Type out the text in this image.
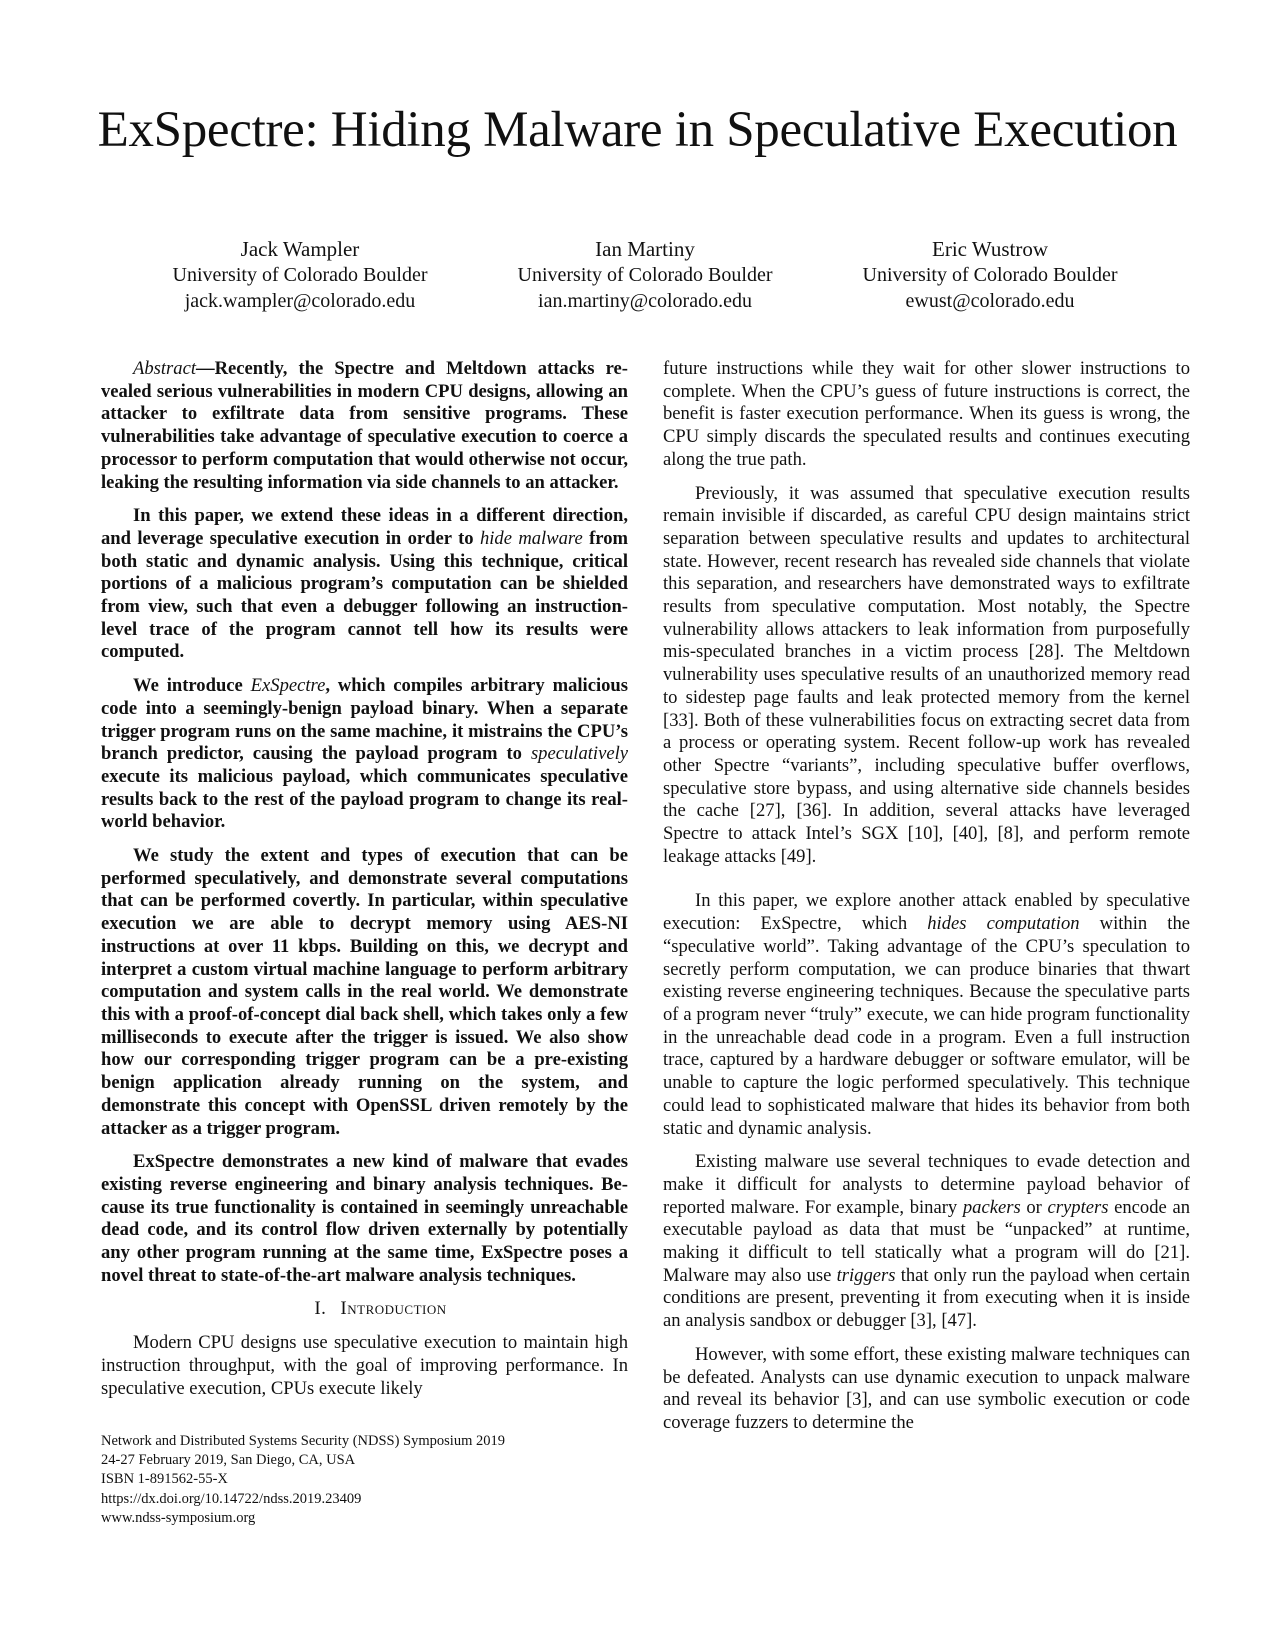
ExSpectre: Hiding Malware in Speculative Execution
Jack Wampler
University of Colorado Boulder
jack.wampler@colorado.edu
Ian Martiny
University of Colorado Boulder
ian.martiny@colorado.edu
Eric Wustrow
University of Colorado Boulder
ewust@colorado.edu

Abstract—Recently, the Spectre and Meltdown attacks revealed serious vulnerabilities in modern CPU designs, allowing an attacker to exfiltrate data from sensitive programs. These vulnerabilities take advantage of speculative execution to coerce a processor to perform computation that would otherwise not occur, leaking the resulting information via side channels to an attacker.

In this paper, we extend these ideas in a different direction, and leverage speculative execution in order to hide malware from both static and dynamic analysis. Using this technique, critical portions of a malicious program’s computation can be shielded from view, such that even a debugger following an instruction-level trace of the program cannot tell how its results were computed.

We introduce ExSpectre, which compiles arbitrary malicious code into a seemingly-benign payload binary. When a separate trigger program runs on the same machine, it mistrains the CPU’s branch predictor, causing the payload program to speculatively execute its malicious payload, which communicates speculative results back to the rest of the payload program to change its real-world behavior.

We study the extent and types of execution that can be performed speculatively, and demonstrate several computations that can be performed covertly. In particular, within speculative execution we are able to decrypt memory using AES-NI instructions at over 11 kbps. Building on this, we decrypt and interpret a custom virtual machine language to perform arbitrary computation and system calls in the real world. We demonstrate this with a proof-of-concept dial back shell, which takes only a few milliseconds to execute after the trigger is issued. We also show how our corresponding trigger program can be a pre-existing benign application already running on the system, and demonstrate this concept with OpenSSL driven remotely by the attacker as a trigger program.

ExSpectre demonstrates a new kind of malware that evades existing reverse engineering and binary analysis techniques. Because its true functionality is contained in seemingly unreachable dead code, and its control flow driven externally by potentially any other program running at the same time, ExSpectre poses a novel threat to state-of-the-art malware analysis techniques.

I. Introduction

Modern CPU designs use speculative execution to maintain high instruction throughput, with the goal of improving performance. In speculative execution, CPUs execute likely

future instructions while they wait for other slower instructions to complete. When the CPU’s guess of future instructions is correct, the benefit is faster execution performance. When its guess is wrong, the CPU simply discards the speculated results and continues executing along the true path.

Previously, it was assumed that speculative execution results remain invisible if discarded, as careful CPU design maintains strict separation between speculative results and updates to architectural state. However, recent research has revealed side channels that violate this separation, and researchers have demonstrated ways to exfiltrate results from speculative computation. Most notably, the Spectre vulnerability allows attackers to leak information from purposefully mis-speculated branches in a victim process [28]. The Meltdown vulnerability uses speculative results of an unauthorized memory read to sidestep page faults and leak protected memory from the kernel [33]. Both of these vulnerabilities focus on extracting secret data from a process or operating system. Recent follow-up work has revealed other Spectre “variants”, including speculative buffer overflows, speculative store bypass, and using alternative side channels besides the cache [27], [36]. In addition, several attacks have leveraged Spectre to attack Intel’s SGX [10], [40], [8], and perform remote leakage attacks [49].

In this paper, we explore another attack enabled by speculative execution: ExSpectre, which hides computation within the “speculative world”. Taking advantage of the CPU’s speculation to secretly perform computation, we can produce binaries that thwart existing reverse engineering techniques. Because the speculative parts of a program never “truly” execute, we can hide program functionality in the unreachable dead code in a program. Even a full instruction trace, captured by a hardware debugger or software emulator, will be unable to capture the logic performed speculatively. This technique could lead to sophisticated malware that hides its behavior from both static and dynamic analysis.

Existing malware use several techniques to evade detection and make it difficult for analysts to determine payload behavior of reported malware. For example, binary packers or crypters encode an executable payload as data that must be “unpacked” at runtime, making it difficult to tell statically what a program will do [21]. Malware may also use triggers that only run the payload when certain conditions are present, preventing it from executing when it is inside an analysis sandbox or debugger [3], [47].

However, with some effort, these existing malware techniques can be defeated. Analysts can use dynamic execution to unpack malware and reveal its behavior [3], and can use symbolic execution or code coverage fuzzers to determine the

Network and Distributed Systems Security (NDSS) Symposium 2019
24-27 February 2019, San Diego, CA, USA
ISBN 1-891562-55-X
https://dx.doi.org/10.14722/ndss.2019.23409
www.ndss-symposium.org
